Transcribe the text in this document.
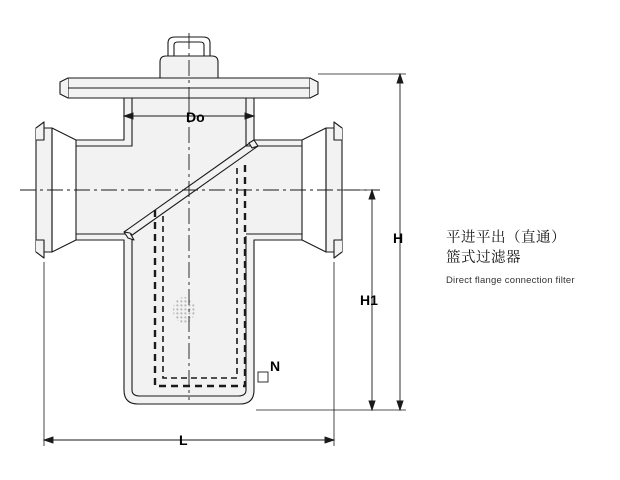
Do
H
H1
N
L
平进平出（直通）
篮式过滤器
Direct flange connection filter
